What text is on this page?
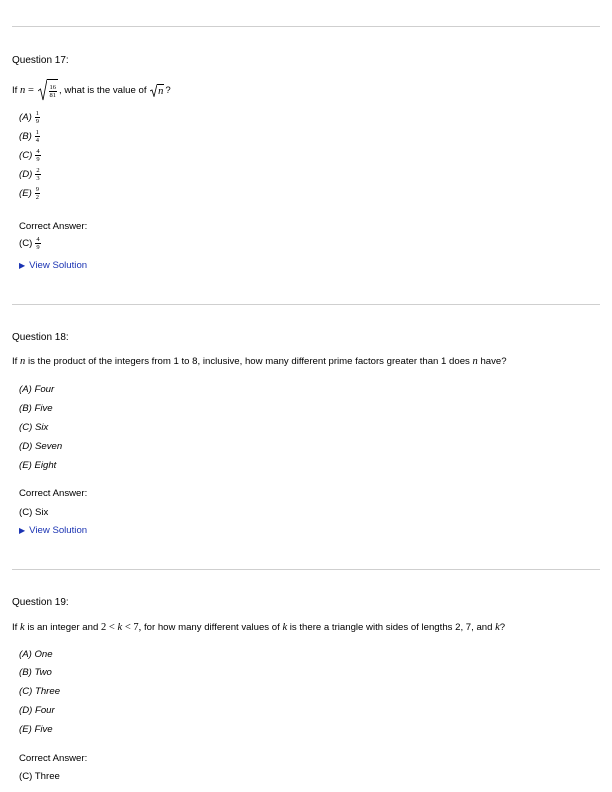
Question 17:
If
n
=
$\frac{16}{81}$ , what is the value of
n ?
$(A) \frac{1}{9}$
$(B) \frac{1}{4}$
$(C) \frac{4}{9}$
$(D) \frac{2}{3}$
$(E) \frac{9}{2}$
Correct Answer:
$(C) \frac{4}{9}$
▶ View Solution
Question 18:
If
n
is the product of the integers from 1 to 8, inclusive, how many different prime factors greater than 1 does
n
have?
(A) Four
(B) Five
(C) Six
(D) Seven
(E) Eight
Correct Answer:
(C) Six
▶ View Solution
Question 19:
If
k
is an integer and
2
<
k
<
7,
for how many different values of
k
is there a triangle with sides of lengths 2, 7, and
k ?
(A) One
(B) Two
(C) Three
(D) Four
(E) Five
Correct Answer:
(C) Three
